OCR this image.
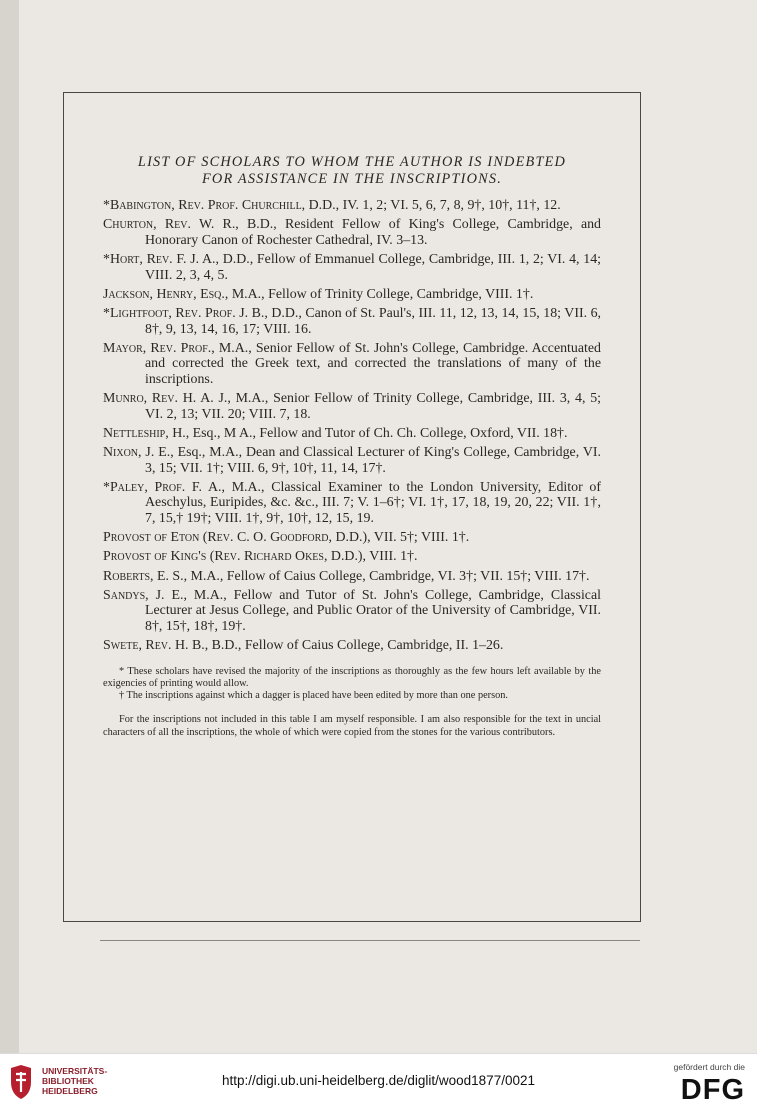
LIST OF SCHOLARS TO WHOM THE AUTHOR IS INDEBTED
FOR ASSISTANCE IN THE INSCRIPTIONS.

*Babington, Rev. Prof. Churchill, D.D., IV. 1, 2; VI. 5, 6, 7, 8, 9†, 10†, 11†, 12.

Churton, Rev. W. R., B.D., Resident Fellow of King's College, Cambridge, and Honorary Canon of Rochester Cathedral, IV. 3–13.

*Hort, Rev. F. J. A., D.D., Fellow of Emmanuel College, Cambridge, III. 1, 2; VI. 4, 14; VIII. 2, 3, 4, 5.

Jackson, Henry, Esq., M.A., Fellow of Trinity College, Cambridge, VIII. 1†.

*Lightfoot, Rev. Prof. J. B., D.D., Canon of St. Paul's, III. 11, 12, 13, 14, 15, 18; VII. 6, 8†, 9, 13, 14, 16, 17; VIII. 16.

Mayor, Rev. Prof., M.A., Senior Fellow of St. John's College, Cambridge. Accentuated and corrected the Greek text, and corrected the translations of many of the inscriptions.

Munro, Rev. H. A. J., M.A., Senior Fellow of Trinity College, Cambridge, III. 3, 4, 5; VI. 2, 13; VII. 20; VIII. 7, 18.

Nettleship, H., Esq., M A., Fellow and Tutor of Ch. Ch. College, Oxford, VII. 18†.

Nixon, J. E., Esq., M.A., Dean and Classical Lecturer of King's College, Cambridge, VI. 3, 15; VII. 1†; VIII. 6, 9†, 10†, 11, 14, 17†.

*Paley, Prof. F. A., M.A., Classical Examiner to the London University, Editor of Aeschylus, Euripides, &c. &c., III. 7; V. 1–6†; VI. 1†, 17, 18, 19, 20, 22; VII. 1†, 7, 15,† 19†; VIII. 1†, 9†, 10†, 12, 15, 19.

Provost of Eton (Rev. C. O. Goodford, D.D.), VII. 5†; VIII. 1†.

Provost of King's (Rev. Richard Okes, D.D.), VIII. 1†.

Roberts, E. S., M.A., Fellow of Caius College, Cambridge, VI. 3†; VII. 15†; VIII. 17†.

Sandys, J. E., M.A., Fellow and Tutor of St. John's College, Cambridge, Classical Lecturer at Jesus College, and Public Orator of the University of Cambridge, VII. 8†, 15†, 18†, 19†.

Swete, Rev. H. B., B.D., Fellow of Caius College, Cambridge, II. 1–26.

* These scholars have revised the majority of the inscriptions as thoroughly as the few hours left available by the exigencies of printing would allow.

† The inscriptions against which a dagger is placed have been edited by more than one person.

For the inscriptions not included in this table I am myself responsible. I am also responsible for the text in uncial characters of all the inscriptions, the whole of which were copied from the stones for the various contributors.

UNIVERSITÄTS-
BIBLIOTHEK
HEIDELBERG
http://digi.ub.uni-heidelberg.de/diglit/wood1877/0021
gefördert durch die
DFG
